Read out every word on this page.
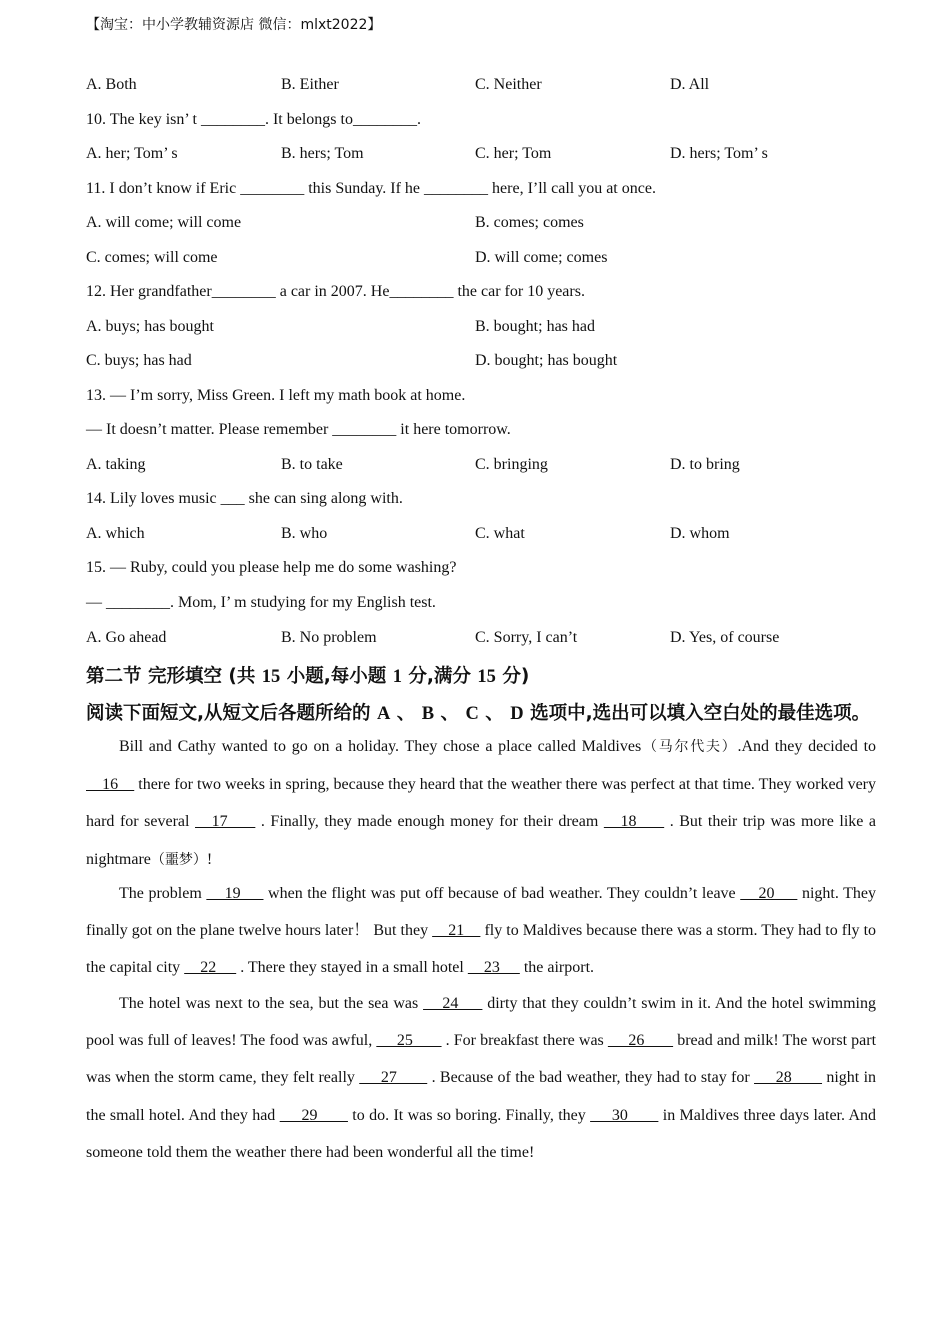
【淘宝：中小学教辅资源店 微信：mlxt2022】
A. Both	B. Either	C. Neither	D. All
10. The key isn’ t ________. It belongs to________.
A. her; Tom’ s	B. hers; Tom	C. her; Tom	D. hers; Tom’ s
11. I don’t know if Eric ________ this Sunday. If he ________ here, I’ll call you at once.
A. will come; will come	B. comes; comes
C. comes; will come	D. will come; comes
12. Her grandfather________ a car in 2007. He________ the car for 10 years.
A. buys; has bought	B. bought; has had
C. buys; has had	D. bought; has bought
13. — I’m sorry, Miss Green. I left my math book at home.
— It doesn’t matter. Please remember ________ it here tomorrow.
A. taking	B. to take	C. bringing	D. to bring
14. Lily loves music ___ she can sing along with.
A. which	B. who	C. what	D. whom
15. — Ruby, could you please help me do some washing?
— ________. Mom, I’ m studying for my English test.
A. Go ahead	B. No problem	C. Sorry, I can’t	D. Yes, of course
第二节 完形填空 (共 15 小题,每小题 1 分,满分 15 分)
阅读下面短文,从短文后各题所给的 A 、 B 、 C 、 D 选项中,选出可以填入空白处的最佳选项。
Bill and Cathy wanted to go on a holiday. They chose a place called Maldives（马尔代夫）.And they decided to     16     there for two weeks in spring, because they heard that the weather there was perfect at that time. They worked very hard for several    17      . Finally, they made enough money for their dream    18      . But their trip was more like a nightmare（噩梦）!
The problem     19      when the flight was put off because of bad weather. They couldn’t leave     20      night. They finally got on the plane twelve hours later！ But they     21     fly to Maldives because there was a storm. They had to fly to the capital city     22      . There they stayed in a small hotel     23      the airport.
The hotel was next to the sea, but the sea was     24      dirty that they couldn’t swim in it. And the hotel swimming pool was full of leaves! The food was awful,      25        . For breakfast there was      26        bread and milk! The worst part was when the storm came, they felt really      27        . Because of the bad weather, they had to stay for      28        night in the small hotel. And they had      29        to do. It was so boring. Finally, they      30        in Maldives three days later. And someone told them the weather there had been wonderful all the time!
